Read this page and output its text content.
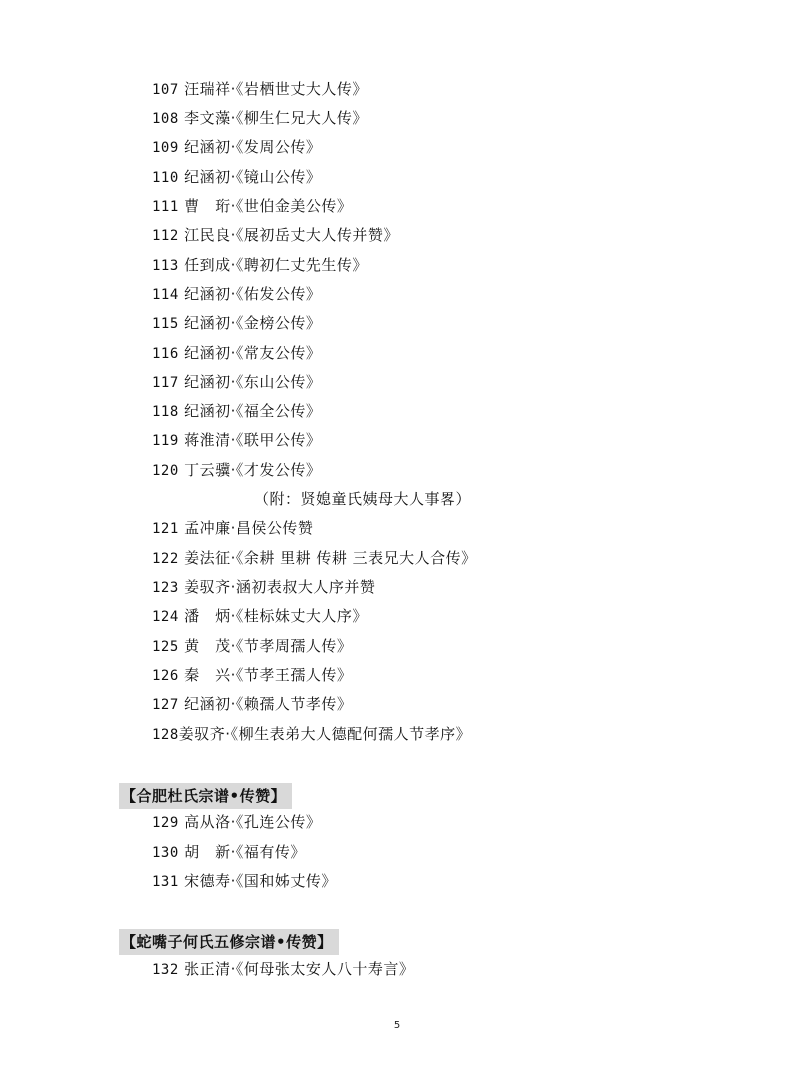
107 汪瑞祥·《岩栖世丈大人传》
108 李文藻·《柳生仁兄大人传》
109 纪涵初·《发周公传》
110 纪涵初·《镜山公传》
111 曹　珩·《世伯金美公传》
112 江民良·《展初岳丈大人传并赞》
113 任到成·《聘初仁丈先生传》
114 纪涵初·《佑发公传》
115 纪涵初·《金榜公传》
116 纪涵初·《常友公传》
117 纪涵初·《东山公传》
118 纪涵初·《福全公传》
119 蒋淮清·《联甲公传》
120 丁云骥·《才发公传》
121 孟冲廉·昌侯公传赞
122 姜法征·《余耕 里耕 传耕 三表兄大人合传》
123 姜驭齐·涵初表叔大人序并赞
124 潘　炳·《桂标妹丈大人序》
125 黄　茂·《节孝周孺人传》
126 秦　兴·《节孝王孺人传》
127 纪涵初·《赖孺人节孝传》
128姜驭齐·《柳生表弟大人德配何孺人节孝序》
129 高从洛·《孔连公传》
130 胡　新·《福有传》
131 宋德寿·《国和姊丈传》
132 张正清·《何母张太安人八十寿言》
（附：贤媳童氏姨母大人事畧）
【合肥杜氏宗谱•传赞】
【蛇嘴子何氏五修宗谱•传赞】
5
